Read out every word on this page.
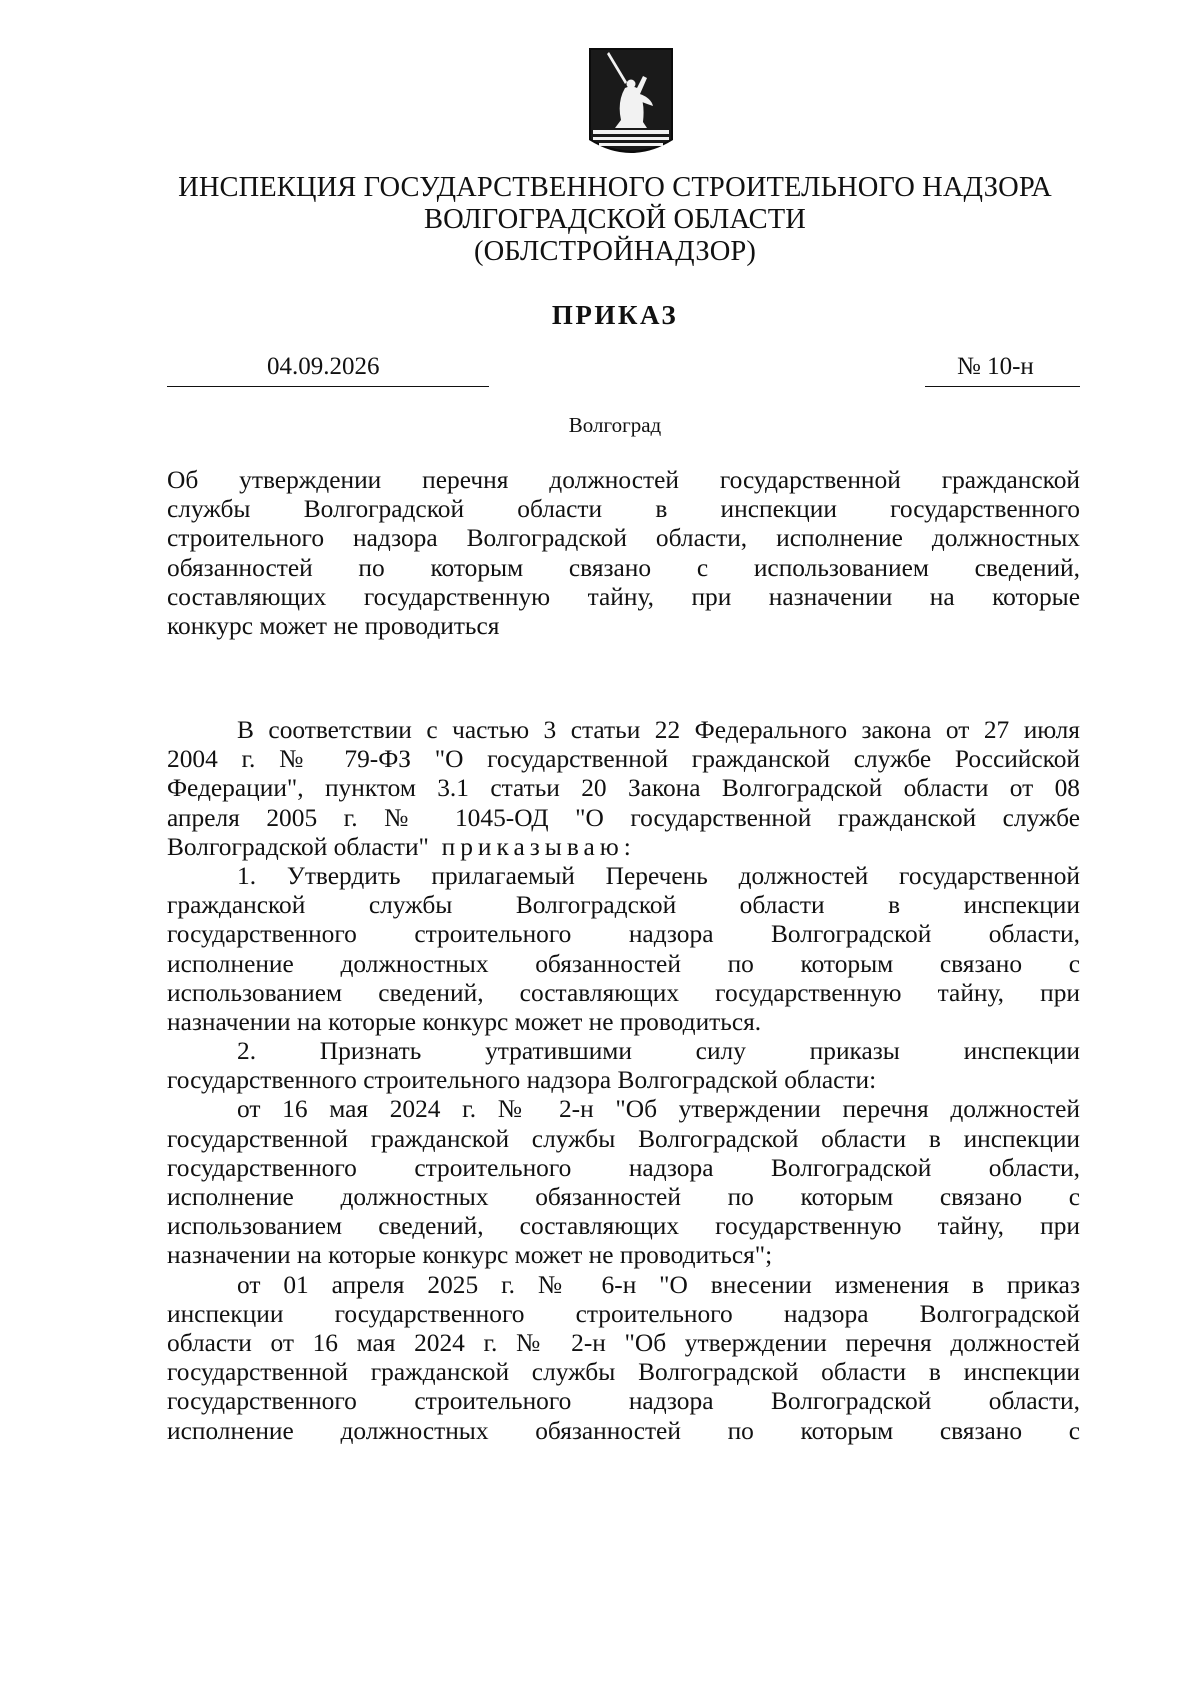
ИНСПЕКЦИЯ ГОСУДАРСТВЕННОГО СТРОИТЕЛЬНОГО НАДЗОРА
ВОЛГОГРАДСКОЙ ОБЛАСТИ
(ОБЛСТРОЙНАДЗОР)
ПРИКАЗ
04.09.2026	№ 10-н
Волгоград
Об утверждении перечня должностей государственной гражданской
службы Волгоградской области в инспекции государственного
строительного надзора Волгоградской области, исполнение должностных
обязанностей по которым связано с использованием сведений,
составляющих государственную тайну, при назначении на которые
конкурс может не проводиться
В соответствии с частью 3 статьи 22 Федерального закона от 27 июля
2004 г. № 79-ФЗ "О государственной гражданской службе Российской
Федерации", пунктом 3.1 статьи 20 Закона Волгоградской области от 08
апреля 2005 г. № 1045-ОД "О государственной гражданской службе
Волгоградской области" приказываю:
1. Утвердить прилагаемый Перечень должностей государственной
гражданской службы Волгоградской области в инспекции
государственного строительного надзора Волгоградской области,
исполнение должностных обязанностей по которым связано с
использованием сведений, составляющих государственную тайну, при
назначении на которые конкурс может не проводиться.
2. Признать утратившими силу приказы инспекции
государственного строительного надзора Волгоградской области:
от 16 мая 2024 г. № 2-н "Об утверждении перечня должностей
государственной гражданской службы Волгоградской области в инспекции
государственного строительного надзора Волгоградской области,
исполнение должностных обязанностей по которым связано с
использованием сведений, составляющих государственную тайну, при
назначении на которые конкурс может не проводиться";
от 01 апреля 2025 г. № 6-н "О внесении изменения в приказ
инспекции государственного строительного надзора Волгоградской
области от 16 мая 2024 г. № 2-н "Об утверждении перечня должностей
государственной гражданской службы Волгоградской области в инспекции
государственного строительного надзора Волгоградской области,
исполнение должностных обязанностей по которым связано с
